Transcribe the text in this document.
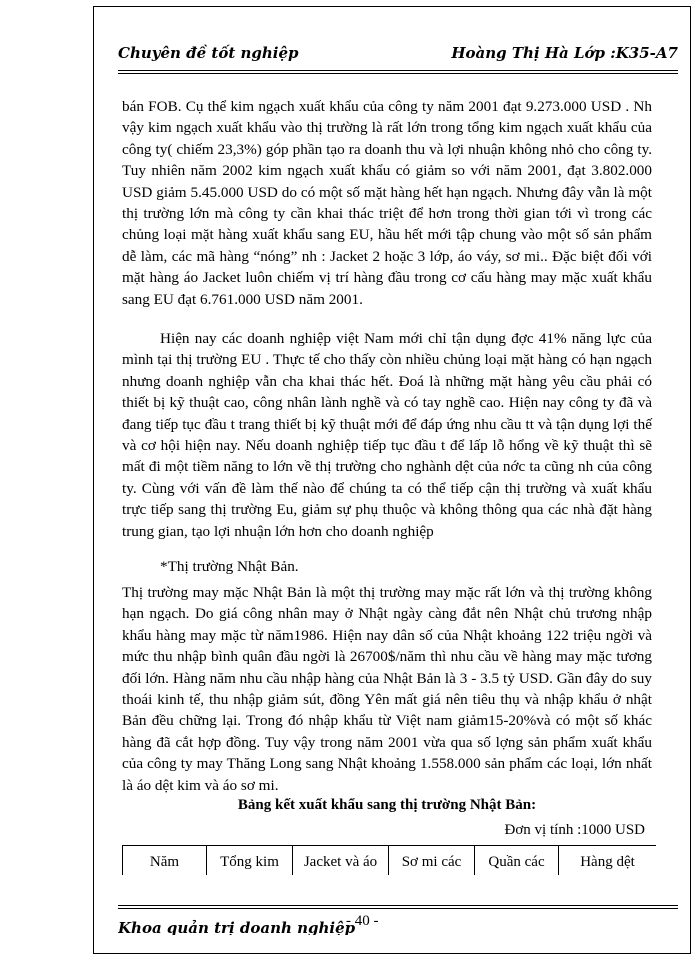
Chuyên đề tốt nghiệp	Hoàng Thị Hà Lớp :K35-A7

bán FOB. Cụ thể kim ngạch xuất khẩu của công ty năm 2001 đạt 9.273.000 USD . Nh vậy kim ngạch xuất khẩu vào thị trường là rất lớn trong tổng kim ngạch xuất khẩu của công ty( chiếm 23,3%) góp phần tạo ra doanh thu và lợi nhuận không nhỏ cho công ty. Tuy nhiên năm 2002 kim ngạch xuất khẩu có giảm so với năm 2001, đạt 3.802.000 USD giảm 5.45.000 USD do có một số mặt hàng hết hạn ngạch. Nhưng đây vẫn là một thị trường lớn mà công ty cần khai thác triệt để hơn trong thời gian tới vì trong các chủng loại mặt hàng xuất khẩu sang EU, hầu hết mới tập chung vào một số sản phẩm dễ làm, các mã hàng “nóng” nh : Jacket 2 hoặc 3 lớp, áo váy, sơ mi.. Đặc biệt đối với mặt hàng áo Jacket luôn chiếm vị trí hàng đầu trong cơ cấu hàng may mặc xuất khẩu sang EU đạt 6.761.000 USD năm 2001.

Hiện nay các doanh nghiệp việt Nam mới chỉ tận dụng đợc 41% năng lực của mình tại thị trường EU . Thực tế cho thấy còn nhiều chủng loại mặt hàng có hạn ngạch nhưng doanh nghiệp vẫn cha khai thác hết. Đoá là những mặt hàng yêu cầu phải có thiết bị kỹ thuật cao, công nhân lành nghề và có tay nghề cao. Hiện nay công ty đã và đang tiếp tục đầu t trang thiết bị kỹ thuật mới để đáp ứng nhu cầu tt và tận dụng lợi thế và cơ hội hiện nay. Nếu doanh nghiệp tiếp tục đầu t để lấp lỗ hổng về kỹ thuật thì sẽ mất đi một tiềm năng to lớn về thị trường cho nghành dệt của nớc ta cũng nh của công ty. Cùng với vấn đề làm thế nào để chúng ta có thể tiếp cận thị trường và xuất khẩu trực tiếp sang thị trường Eu, giảm sự phụ thuộc và không thông qua các nhà đặt hàng trung gian, tạo lợi nhuận lớn hơn cho doanh nghiệp

*Thị trường Nhật Bản.

Thị trường may mặc Nhật Bản là một thị trường may mặc rất lớn và thị trường không hạn ngạch. Do giá công nhân may ở Nhật ngày càng đắt nên Nhật chủ trương nhập khẩu hàng may mặc từ năm1986. Hiện nay dân số của Nhật khoảng 122 triệu ngời và mức thu nhập bình quân đầu ngời là 26700$/năm thì nhu cầu về hàng may mặc tương đối lớn. Hàng năm nhu cầu nhập hàng của Nhật Bản là 3 - 3.5 tỷ USD. Gần đây do suy thoái kinh tế, thu nhập giảm sút, đồng Yên mất giá nên tiêu thụ và nhập khẩu ở nhật Bản đều chững lại. Trong đó nhập khẩu từ Việt nam giảm15-20%và có một số khác hàng đã cắt hợp đồng. Tuy vậy trong năm 2001 vừa qua số lợng sản phẩm xuất khẩu của công ty may Thăng Long sang Nhật khoảng 1.558.000 sản phẩm các loại, lớn nhất là áo dệt kim và áo sơ mi.

Bảng kết xuất khẩu sang thị trường Nhật Bản:
Đơn vị tính :1000 USD
Năm	Tổng kim	Jacket và áo	Sơ mi các	Quần các	Hàng dệt
- 40 -
Khoa quản trị doanh nghiệp
